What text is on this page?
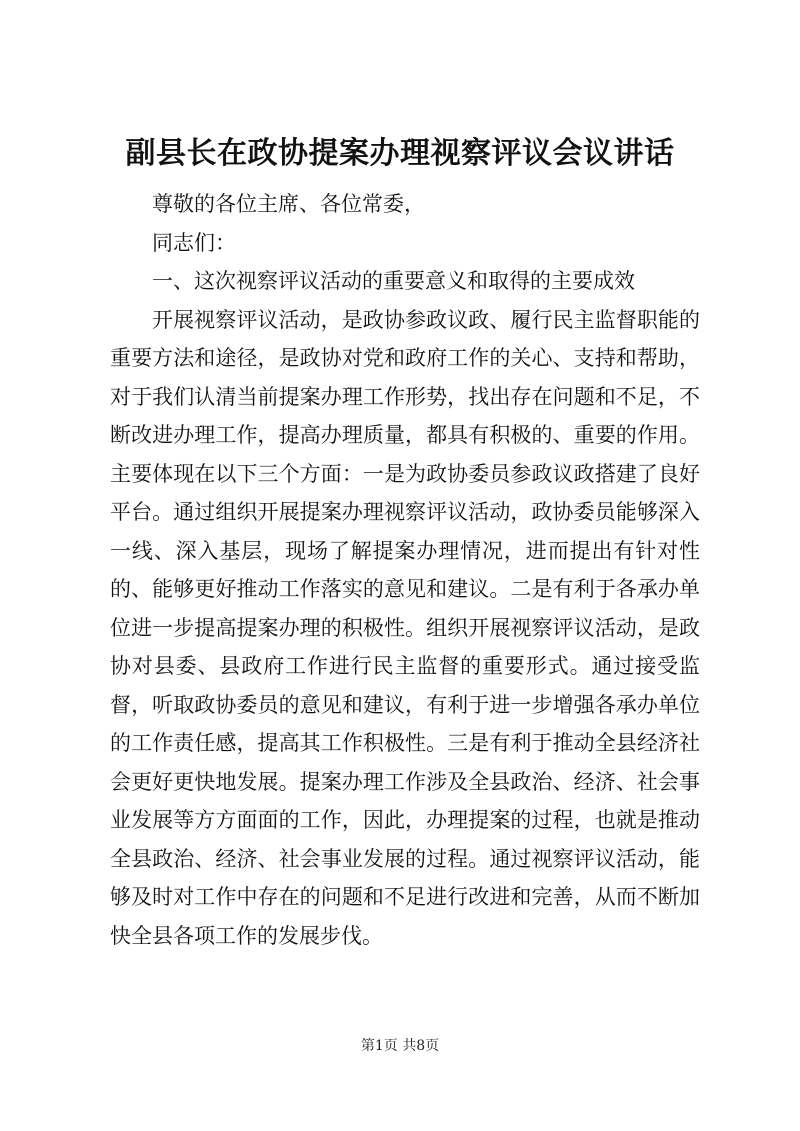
副县长在政协提案办理视察评议会议讲话

尊敬的各位主席、各位常委，

同志们：

一、这次视察评议活动的重要意义和取得的主要成效

开展视察评议活动，是政协参政议政、履行民主监督职能的重要方法和途径，是政协对党和政府工作的关心、支持和帮助，对于我们认清当前提案办理工作形势，找出存在问题和不足，不断改进办理工作，提高办理质量，都具有积极的、重要的作用。主要体现在以下三个方面：一是为政协委员参政议政搭建了良好平台。通过组织开展提案办理视察评议活动，政协委员能够深入一线、深入基层，现场了解提案办理情况，进而提出有针对性的、能够更好推动工作落实的意见和建议。二是有利于各承办单位进一步提高提案办理的积极性。组织开展视察评议活动，是政协对县委、县政府工作进行民主监督的重要形式。通过接受监督，听取政协委员的意见和建议，有利于进一步增强各承办单位的工作责任感，提高其工作积极性。三是有利于推动全县经济社会更好更快地发展。提案办理工作涉及全县政治、经济、社会事业发展等方方面面的工作，因此，办理提案的过程，也就是推动全县政治、经济、社会事业发展的过程。通过视察评议活动，能够及时对工作中存在的问题和不足进行改进和完善，从而不断加快全县各项工作的发展步伐。

第1页 共8页
